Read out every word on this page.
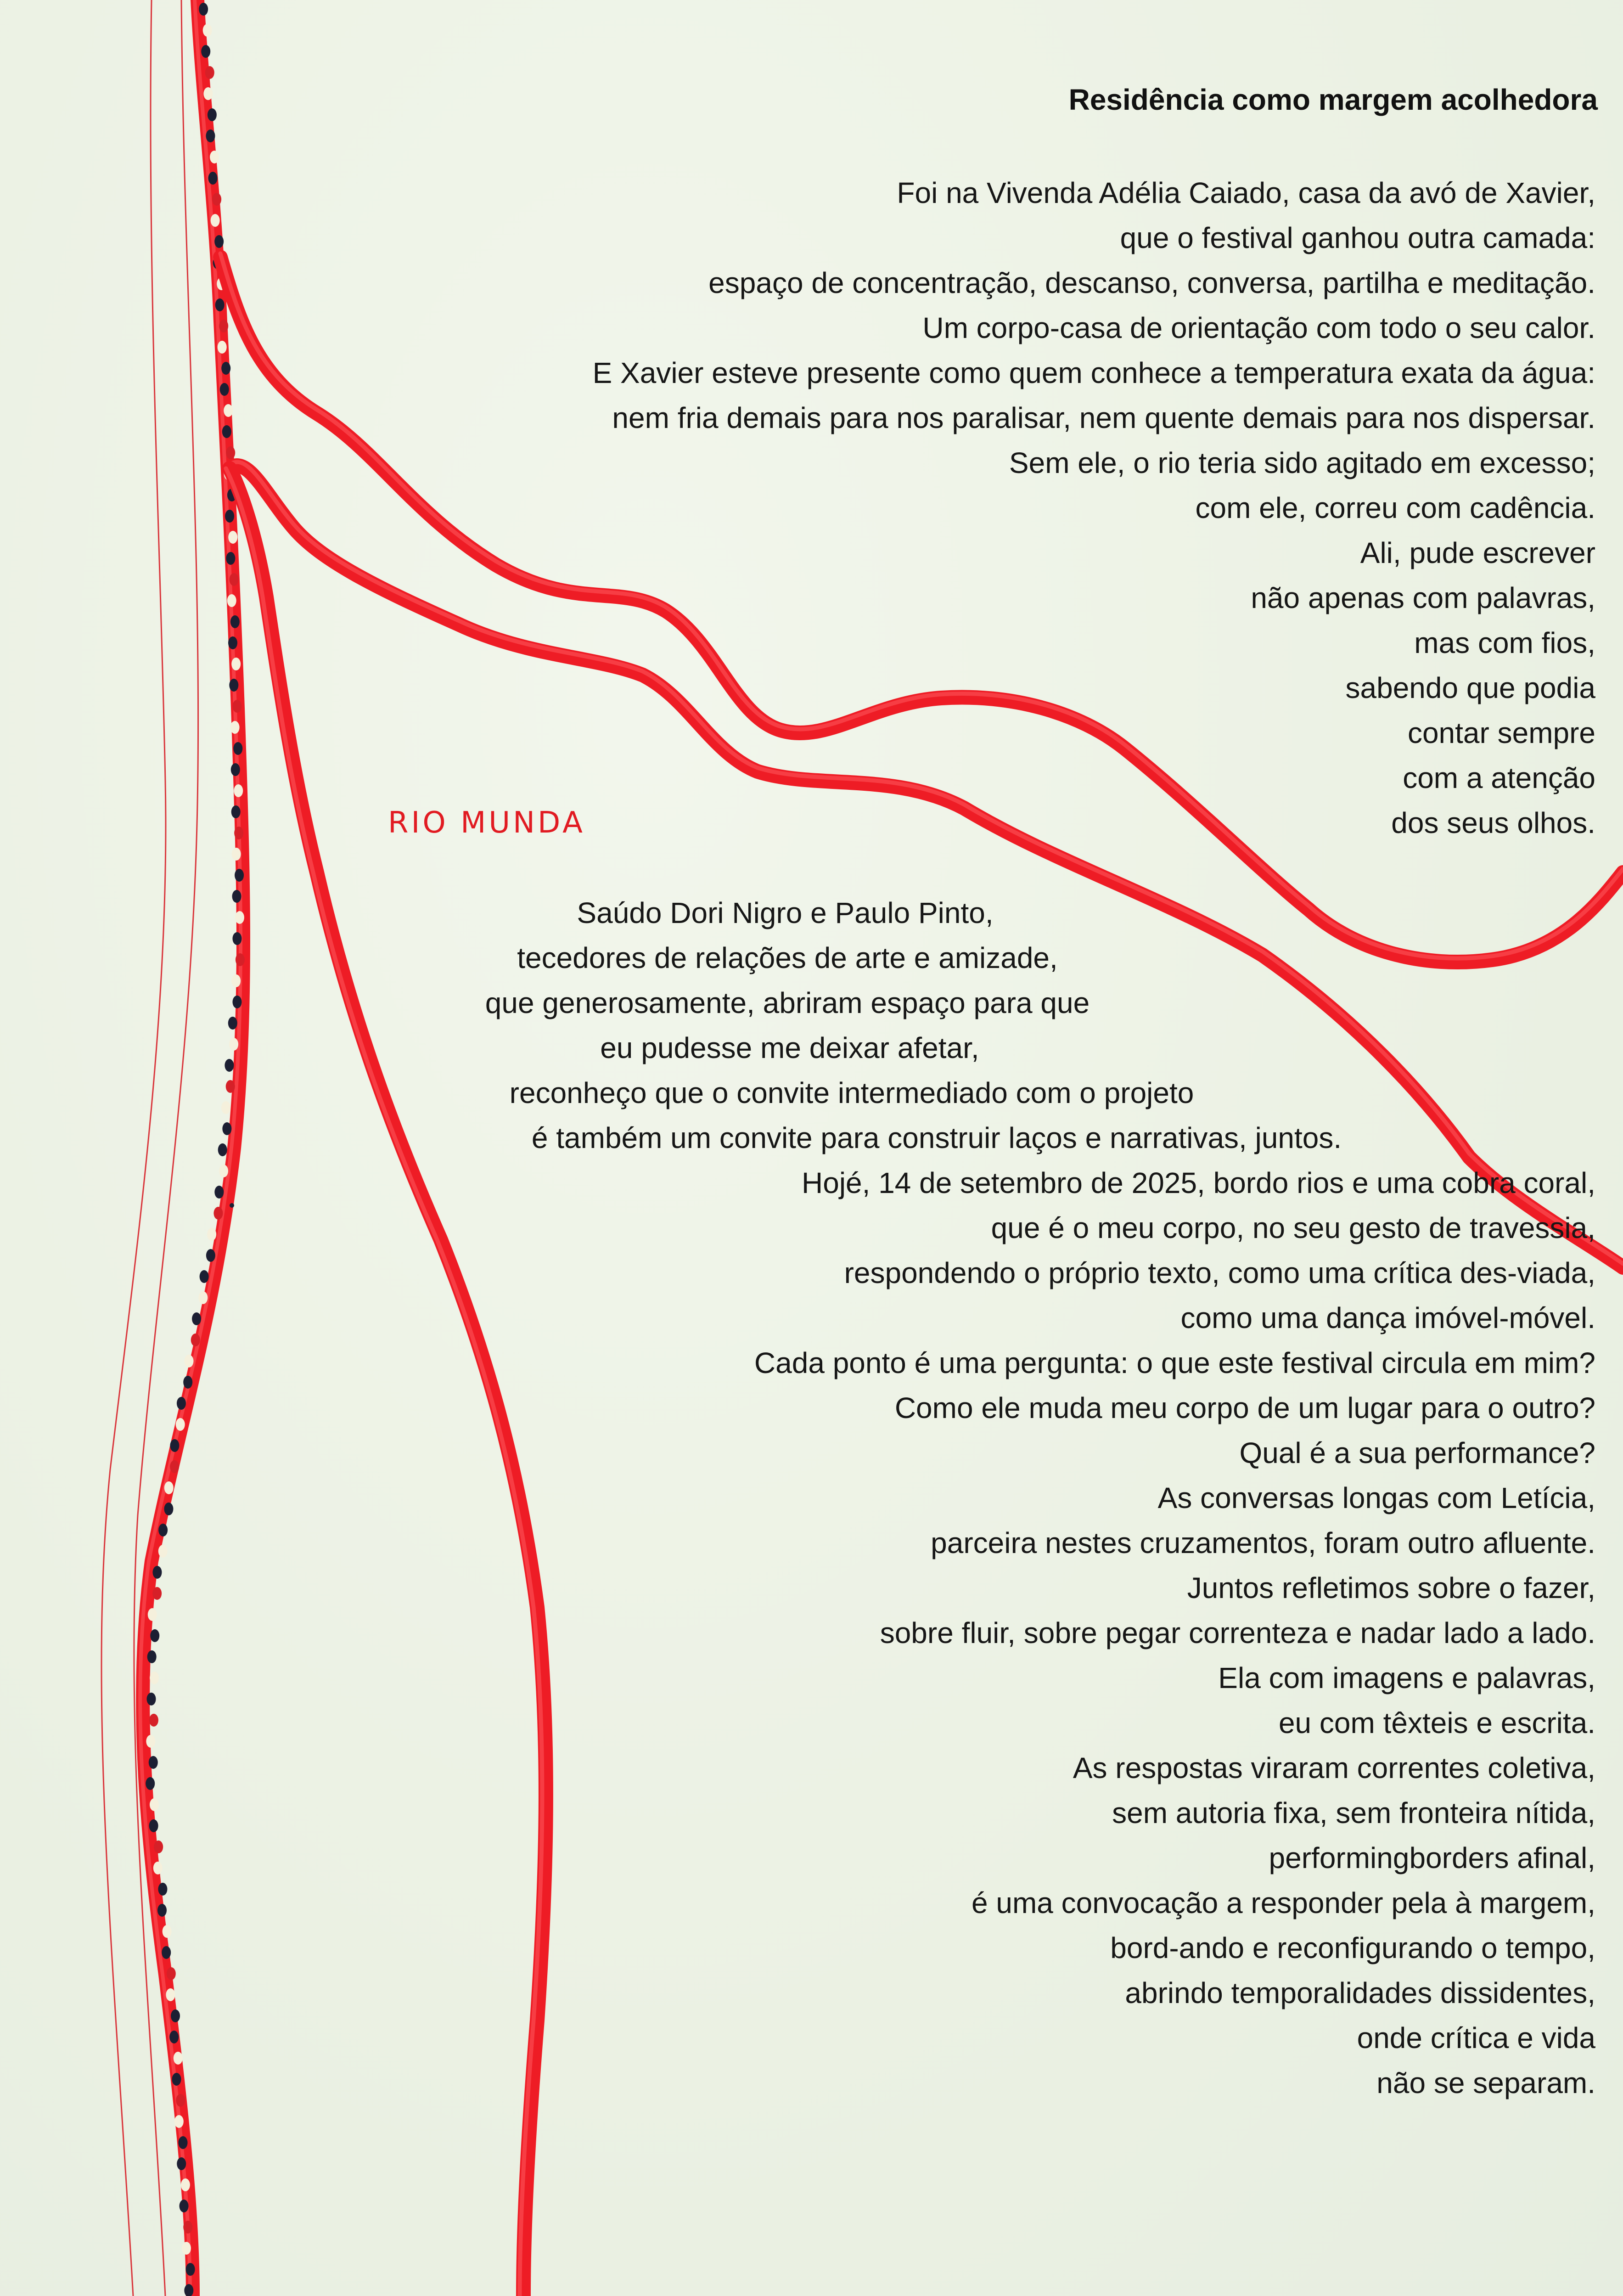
Residência como margem acolhedora

RIO MUNDA

Foi na Vivenda Adélia Caiado, casa da avó de Xavier,

que o festival ganhou outra camada:

espaço de concentração, descanso, conversa, partilha e meditação.

Um corpo-casa de orientação com todo o seu calor.

E Xavier esteve presente como quem conhece a temperatura exata da água:

nem fria demais para nos paralisar, nem quente demais para nos dispersar.

Sem ele, o rio teria sido agitado em excesso;

com ele, correu com cadência.

Ali, pude escrever

não apenas com palavras,

mas com fios,

sabendo que podia

contar sempre

com a atenção

dos seus olhos.

Saúdo Dori Nigro e Paulo Pinto,

tecedores de relações de arte e amizade,

que generosamente, abriram espaço para que

eu pudesse me deixar afetar,

reconheço que o convite intermediado com o projeto

é também um convite para construir laços e narrativas, juntos.

Hojé, 14 de setembro de 2025, bordo rios e uma cobra coral,

que é o meu corpo, no seu gesto de travessia,

respondendo o próprio texto, como uma crítica des-viada,

como uma dança imóvel-móvel.

Cada ponto é uma pergunta: o que este festival circula em mim?

Como ele muda meu corpo de um lugar para o outro?

Qual é a sua performance?

As conversas longas com Letícia,

parceira nestes cruzamentos, foram outro afluente.

Juntos refletimos sobre o fazer,

sobre fluir, sobre pegar correnteza e nadar lado a lado.

Ela com imagens e palavras,

eu com têxteis e escrita.

As respostas viraram correntes coletiva,

sem autoria fixa, sem fronteira nítida,

performingborders afinal,

é uma convocação a responder pela à margem,

bord-ando e reconfigurando o tempo,

abrindo temporalidades dissidentes,

onde crítica e vida

não se separam.
